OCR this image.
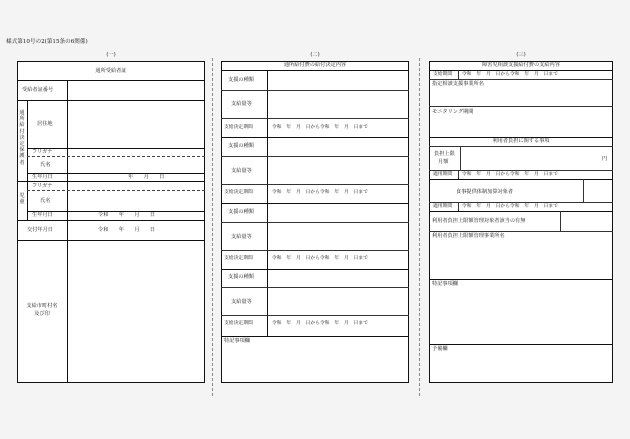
様式第10号の2(第15条の6関係)
(一)
通所受給者証
受給者証番号
通
所
給
付
決
定
保
護
者
居住地
フリガナ
氏名
生年月日	年　　月　　日
児
童
フリガナ
氏名
生年月日	令和　　年　　月　　日
交付年月日	令和　　年　　月　　日
支給市町村名
及び印
(二)
通所給付費の給付決定内容
支援の種類
支給量等
支給決定期間	令和　年　月　日から令和　年　月　日まで
支援の種類
支給量等
支給決定期間	令和　年　月　日から令和　年　月　日まで
支援の種類
支給量等
支給決定期間	令和　年　月　日から令和　年　月　日まで
支援の種類
支給量等
支給決定期間	令和　年　月　日から令和　年　月　日まで
特記事項欄
(三)
障害児相談支援給付費の支給内容
支給期間 令和　年　月　日から令和　年　月　日まで
指定相談支援事業所名
モニタリング期間
利用者負担に関する事項
負担上限
月額	円
適用期間 令和　年　月　日から令和　年　月　日まで
食事提供体制加算対象者
適用期間 令和　年　月　日から令和　年　月　日まで
利用者負担上限額管理対象者該当の有無
利用者負担上限額管理事業所名
特記事項欄
予備欄
